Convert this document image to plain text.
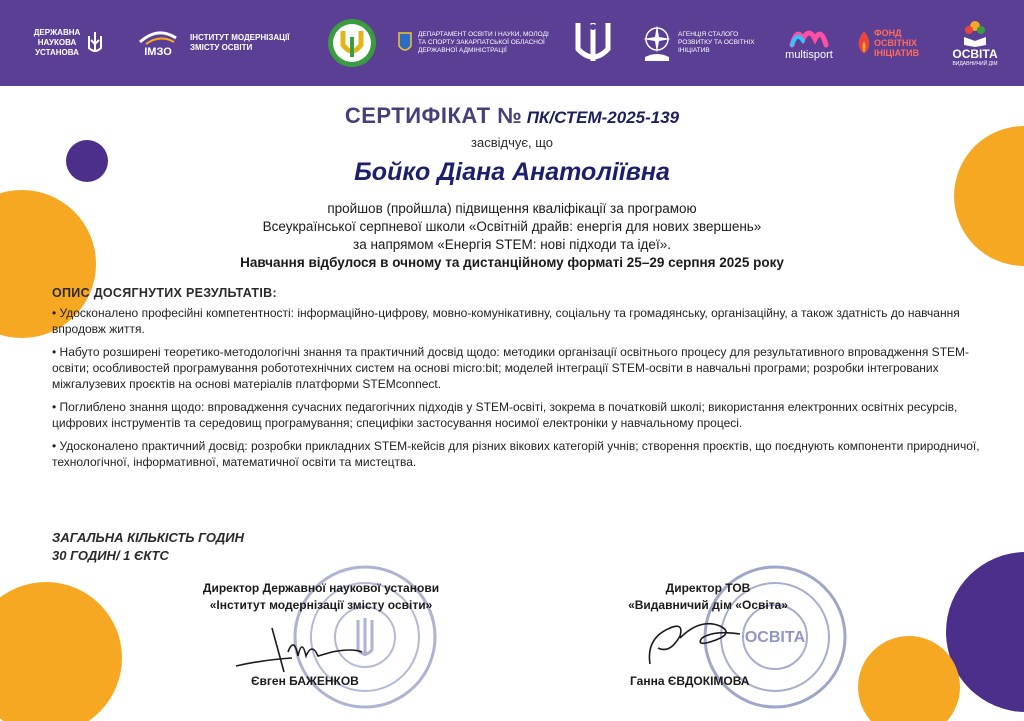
ДЕРЖАВНА НАУКОВА УСТАНОВА	ІМЗО
ІНСТИТУТ МОДЕРНІЗАЦІЇ ЗМІСТУ ОСВІТИ
ДЕПАРТАМЕНТ ОСВІТИ І НАУКИ, МОЛОДІ ТА СПОРТУ ЗАКАРПАТСЬКОЇ ОБЛАСНОЇ ДЕРЖАВНОЇ АДМІНІСТРАЦІЇ
АГЕНЦІЯ СТАЛОГО РОЗВИТКУ ТА ОСВІТНІХ ІНІЦІАТИВ	multisport
ФОНД ОСВІТНІХ ІНІЦІАТИВ	ОСВІТА
ВИДАВНИЧИЙ ДІМ
СЕРТИФІКАТ № ПК/СТЕМ-2025-139
засвідчує, що
Бойко Діана Анатоліївна
пройшов (пройшла) підвищення кваліфікації за програмою
Всеукраїнської серпневої школи «Освітній драйв: енергія для нових звершень»
за напрямом «Енергія STEM: нові підходи та ідеї».
Навчання відбулося в очному та дистанційному форматі 25–29 серпня 2025 року
ОПИС ДОСЯГНУТИХ РЕЗУЛЬТАТІВ:

• Удосконалено професійні компетентності: інформаційно-цифрову, мовно-комунікативну, соціальну та громадянську, організаційну, а також здатність до навчання впродовж життя.

• Набуто розширені теоретико-методологічні знання та практичний досвід щодо: методики організації освітнього процесу для результативного впровадження STEM-освіти; особливостей програмування робототехнічних систем на основі micro:bit; моделей інтеграції STEM-освіти в навчальні програми; розробки інтегрованих міжгалузевих проєктів на основі матеріалів платформи STEMconnect.

• Поглиблено знання щодо: впровадження сучасних педагогічних підходів у STEM-освіті, зокрема в початковій школі; використання електронних освітніх ресурсів, цифрових інструментів та середовищ програмування; специфіки застосування носимої електроніки у навчальному процесі.

• Удосконалено практичний досвід: розробки прикладних STEM-кейсів для різних вікових категорій учнів; створення проєктів, що поєднують компоненти природничої, технологічної, інформативної, математичної освіти та мистецтва.

ЗАГАЛЬНА КІЛЬКІСТЬ ГОДИН
30 ГОДИН/ 1 ЄКТС
Директор Державної наукової установи
«Інститут модернізації змісту освіти»
Євген БАЖЕНКОВ
ОСВІТА
Директор ТОВ
«Видавничий дім «Освіта»
Ганна ЄВДОКІМОВА
